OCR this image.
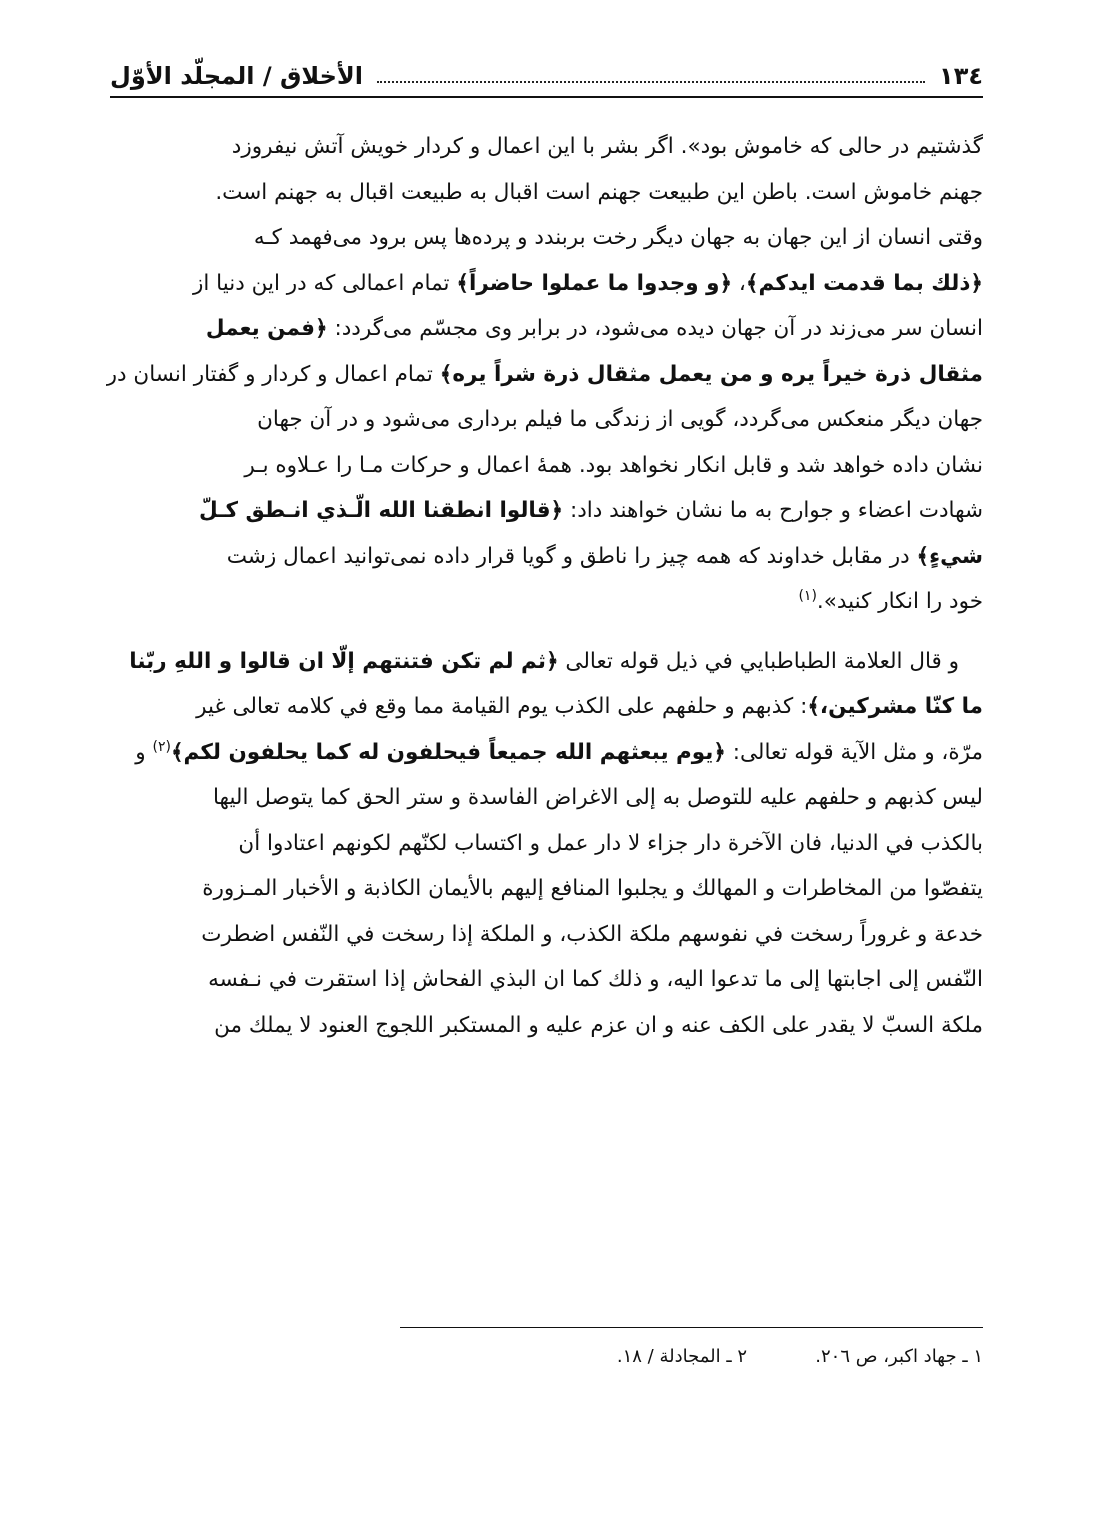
١٣٤
الأخلاق / المجلّد الأوّل
گذشتيم در حالى كه خاموش بود». اگر بشر با اين اعمال و كردار خويش آتش نيفروزد
جهنم خاموش است. باطن اين طبيعت جهنم است اقبال به طبيعت اقبال به جهنم است.
وقتى انسان از اين جهان به جهان ديگر رخت بربندد و پرده‌ها پس برود مى‌فهمد كـه
﴿ذلك بما قدمت ايدكم﴾، ﴿و وجدوا ما عملوا حاضراً﴾ تمام اعمالى كه در اين دنيا از
انسان سر مى‌زند در آن جهان ديده مى‌شود، در برابر وى مجسّم مى‌گردد: ﴿فمن يعمل
مثقال ذرة خيراً يره و من يعمل مثقال ذرة شراً يره﴾ تمام اعمال و كردار و گفتار انسان در
جهان ديگر منعكس مى‌گردد، گويى از زندگى ما فيلم بردارى مى‌شود و در آن جهان
نشان داده خواهد شد و قابل انكار نخواهد بود. همهٔ اعمال و حركات مـا را عـلاوه بـر
شهادت اعضاء و جوارح به ما نشان خواهند داد: ﴿قالوا انطقنا الله الّـذي انـطق كـلّ
شيءٍ﴾ در مقابل خداوند كه همه چيز را ناطق و گويا قرار داده نمى‌توانيد اعمال زشت
خود را انكار كنيد».$^{(١)}$
و قال العلامة الطباطبايي في ذيل قوله تعالى ﴿ثم لم تكن فتنتهم إلّا ان قالوا و اللهِ ربّنا
ما كنّا مشركين،﴾: كذبهم و حلفهم على الكذب يوم القيامة مما وقع في كلامه تعالى غير
مرّة، و مثل الآية قوله تعالى: ﴿يوم يبعثهم الله جميعاً فيحلفون له كما يحلفون لكم﴾$^{(٢)}$ و
ليس كذبهم و حلفهم عليه للتوصل به إلى الاغراض الفاسدة و ستر الحق كما يتوصل اليها
بالكذب في الدنيا، فان الآخرة دار جزاء لا دار عمل و اكتساب لكنّهم لكونهم اعتادوا أن
يتفصّوا من المخاطرات و المهالك و يجلبوا المنافع إليهم بالأيمان الكاذبة و الأخبار المـزورة
خدعة و غروراً رسخت في نفوسهم ملكة الكذب، و الملكة إذا رسخت في النّفس اضطرت
النّفس إلى اجابتها إلى ما تدعوا اليه، و ذلك كما ان البذي الفحاش إذا استقرت في نـفسه
ملكة السبّ لا يقدر على الكف عنه و ان عزم عليه و المستكبر اللجوج العنود لا يملك من
١ ـ جهاد اكبر، ص ٢٠٦.
٢ ـ المجادلة / ١٨.
